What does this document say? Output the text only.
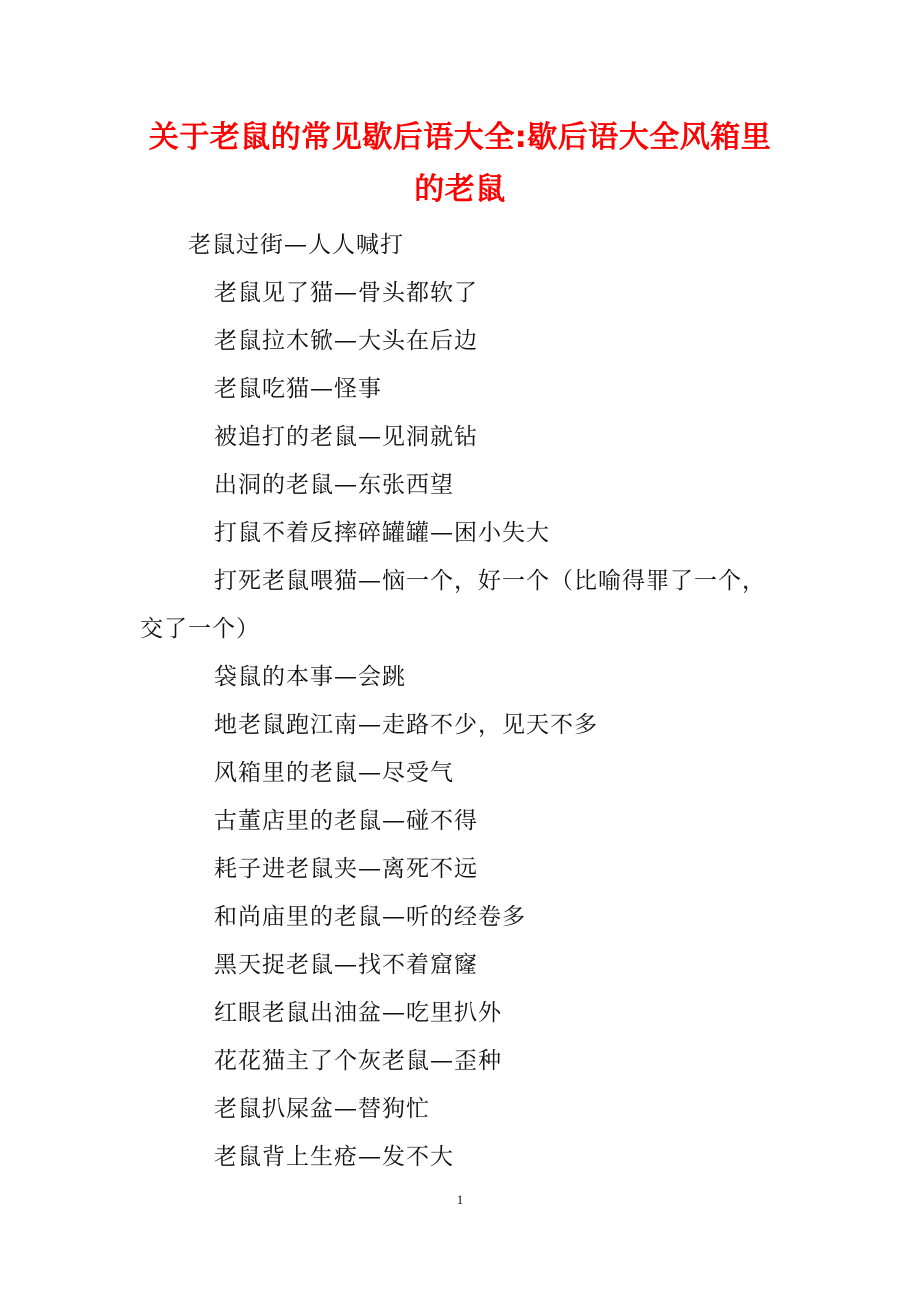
关于老鼠的常见歇后语大全:歇后语大全风箱里的老鼠
老鼠过街—人人喊打
老鼠见了猫—骨头都软了
老鼠拉木锨—大头在后边
老鼠吃猫—怪事
被追打的老鼠—见洞就钻
出洞的老鼠—东张西望
打鼠不着反摔碎罐罐—困小失大
打死老鼠喂猫—恼一个，好一个（比喻得罪了一个，
交了一个）
袋鼠的本事—会跳
地老鼠跑江南—走路不少，见天不多
风箱里的老鼠—尽受气
古董店里的老鼠—碰不得
耗子进老鼠夹—离死不远
和尚庙里的老鼠—听的经卷多
黑天捉老鼠—找不着窟窿
红眼老鼠出油盆—吃里扒外
花花猫主了个灰老鼠—歪种
老鼠扒屎盆—替狗忙
老鼠背上生疮—发不大
1
